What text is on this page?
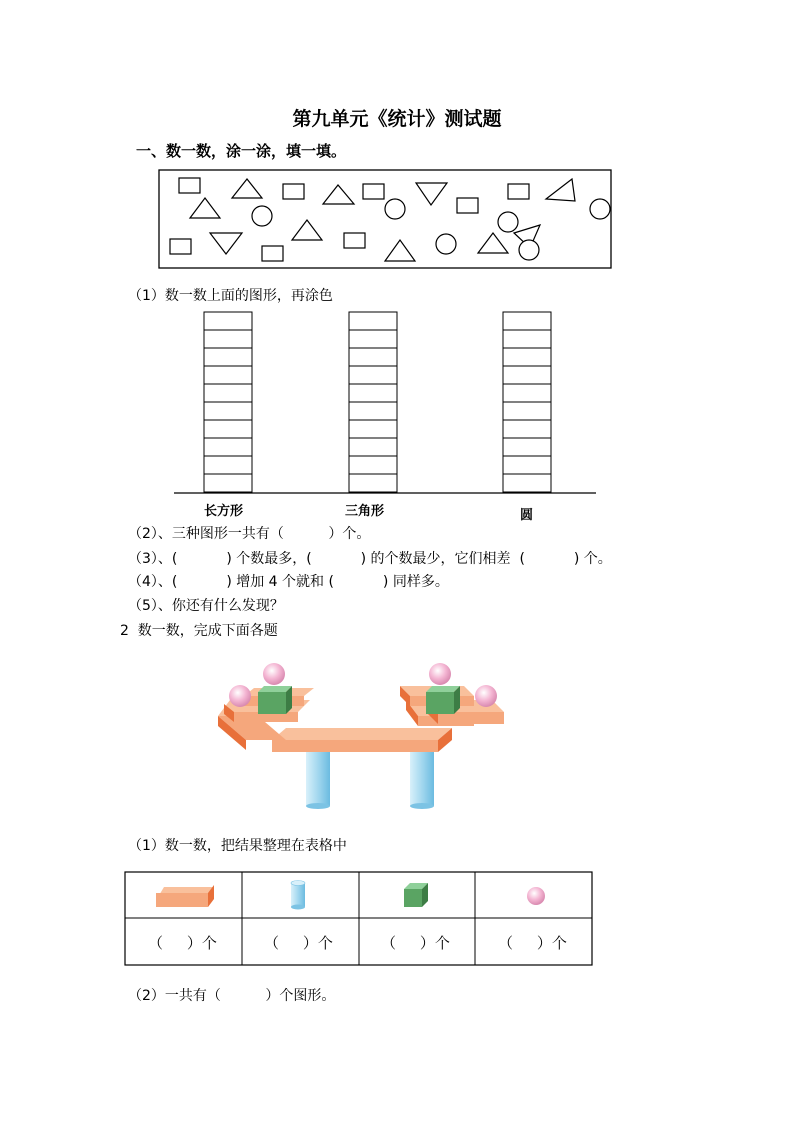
第九单元《统计》测试题
一、数一数，涂一涂，填一填。
（1）数一数上面的图形，再涂色
长方形	三角形	圆
（2）、三种图形一共有（          ）个。
（3）、(           ) 个数最多，(           ) 的个数最少，它们相差  (           ) 个。
（4）、(           ) 增加 4 个就和 (           ) 同样多。
（5）、你还有什么发现？
2  数一数，完成下面各题
（1）数一数，把结果整理在表格中
（     ）个	（     ）个	（     ）个	（     ）个
（2）一共有（          ）个图形。
